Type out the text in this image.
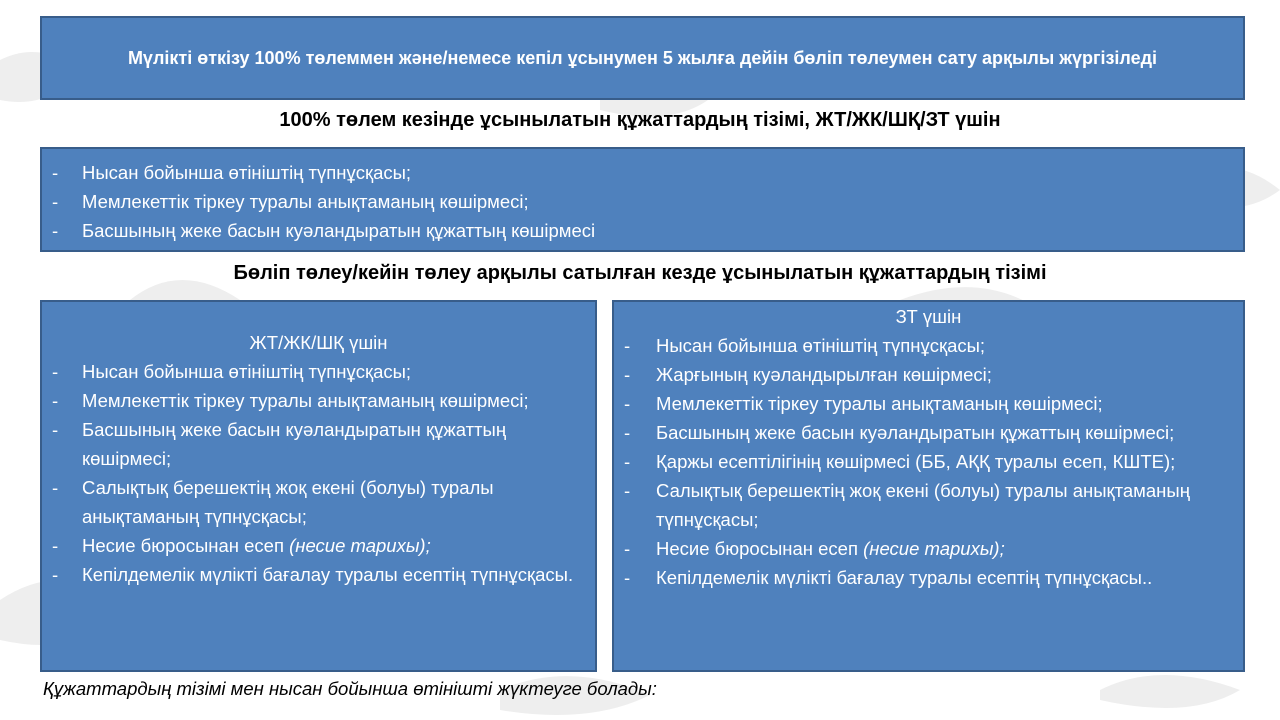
Мүлікті өткізу 100% төлеммен және/немесе кепіл ұсынумен 5 жылға дейін бөліп төлеумен сату арқылы жүргізіледі
100% төлем кезінде ұсынылатын құжаттардың тізімі, ЖТ/ЖК/ШҚ/ЗТ үшін
- Нысан бойынша өтініштің түпнұсқасы;
- Мемлекеттік тіркеу туралы анықтаманың көшірмесі;
- Басшының жеке басын куәландыратын құжаттың көшірмесі
Бөліп төлеу/кейін төлеу арқылы сатылған кезде ұсынылатын құжаттардың тізімі
ЖТ/ЖК/ШҚ үшін
- Нысан бойынша өтініштің түпнұсқасы;
- Мемлекеттік тіркеу туралы анықтаманың көшірмесі;
- Басшының жеке басын куәландыратын құжаттың көшірмесі;
- Салықтық берешектің жоқ екені (болуы) туралы анықтаманың түпнұсқасы;
- Несие бюросынан есеп (несие тарихы);
- Кепілдемелік мүлікті бағалау туралы есептің түпнұсқасы.
ЗТ үшін
- Нысан бойынша өтініштің түпнұсқасы;
- Жарғының куәландырылған көшірмесі;
- Мемлекеттік тіркеу туралы анықтаманың көшірмесі;
- Басшының жеке басын куәландыратын құжаттың көшірмесі;
- Қаржы есептілігінің көшірмесі (ББ, АҚҚ туралы есеп, КШТЕ);
- Салықтық берешектің жоқ екені (болуы) туралы анықтаманың түпнұсқасы;
- Несие бюросынан есеп (несие тарихы);
- Кепілдемелік мүлікті бағалау туралы есептің түпнұсқасы..
Құжаттардың тізімі мен нысан бойынша өтінішті жүктеуге болады:
